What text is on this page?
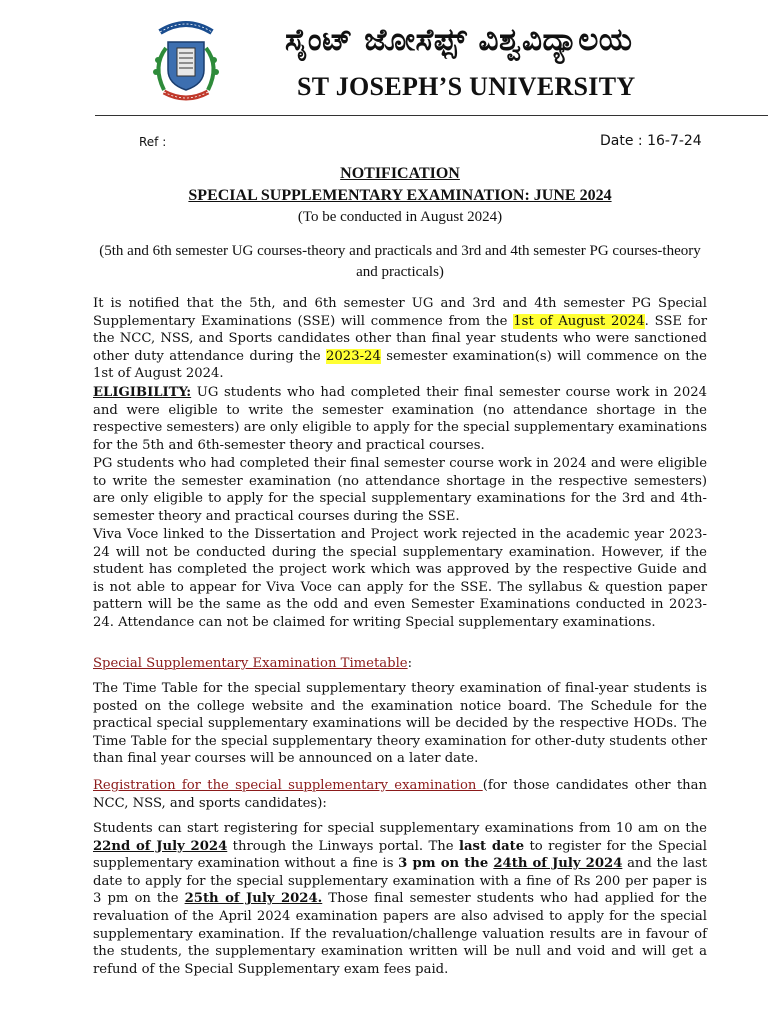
ಸೈಂಟ್ ಜೋಸೆಫ್ಸ್ ವಿಶ್ವವಿದ್ಯಾಲಯ
ST JOSEPH’S UNIVERSITY
Ref :	Date : 16-7-24
NOTIFICATION
SPECIAL SUPPLEMENTARY EXAMINATION: JUNE 2024
(To be conducted in August 2024)
(5th and 6th semester UG courses-theory and practicals and 3rd and 4th semester PG courses-theory and practicals)

It is notified that the 5th, and 6th semester UG and 3rd and 4th semester PG Special Supplementary Examinations (SSE) will commence from the 1st of August 2024. SSE for the NCC, NSS, and Sports candidates other than final year students who were sanctioned other duty attendance during the 2023-24 semester examination(s) will commence on the 1st of August 2024.

ELIGIBILITY: UG students who had completed their final semester course work in 2024 and were eligible to write the semester examination (no attendance shortage in the respective semesters) are only eligible to apply for the special supplementary examinations for the 5th and 6th-semester theory and practical courses.

PG students who had completed their final semester course work in 2024 and were eligible to write the semester examination (no attendance shortage in the respective semesters) are only eligible to apply for the special supplementary examinations for the 3rd and 4th-semester theory and practical courses during the SSE.

Viva Voce linked to the Dissertation and Project work rejected in the academic year 2023-24 will not be conducted during the special supplementary examination. However, if the student has completed the project work which was approved by the respective Guide and is not able to appear for Viva Voce can apply for the SSE. The syllabus & question paper pattern will be the same as the odd and even Semester Examinations conducted in 2023-24. Attendance can not be claimed for writing Special supplementary examinations.

Special Supplementary Examination Timetable:

The Time Table for the special supplementary theory examination of final-year students is posted on the college website and the examination notice board. The Schedule for the practical special supplementary examinations will be decided by the respective HODs. The Time Table for the special supplementary theory examination for other-duty students other than final year courses will be announced on a later date.

Registration for the special supplementary examination (for those candidates other than NCC, NSS, and sports candidates):

Students can start registering for special supplementary examinations from 10 am on the 22nd of July 2024 through the Linways portal. The last date to register for the Special supplementary examination without a fine is 3 pm on the 24th of July 2024 and the last date to apply for the special supplementary examination with a fine of Rs 200 per paper is 3 pm on the 25th of July 2024. Those final semester students who had applied for the revaluation of the April 2024 examination papers are also advised to apply for the special supplementary examination. If the revaluation/challenge valuation results are in favour of the students, the supplementary examination written will be null and void and will get a refund of the Special Supplementary exam fees paid.
